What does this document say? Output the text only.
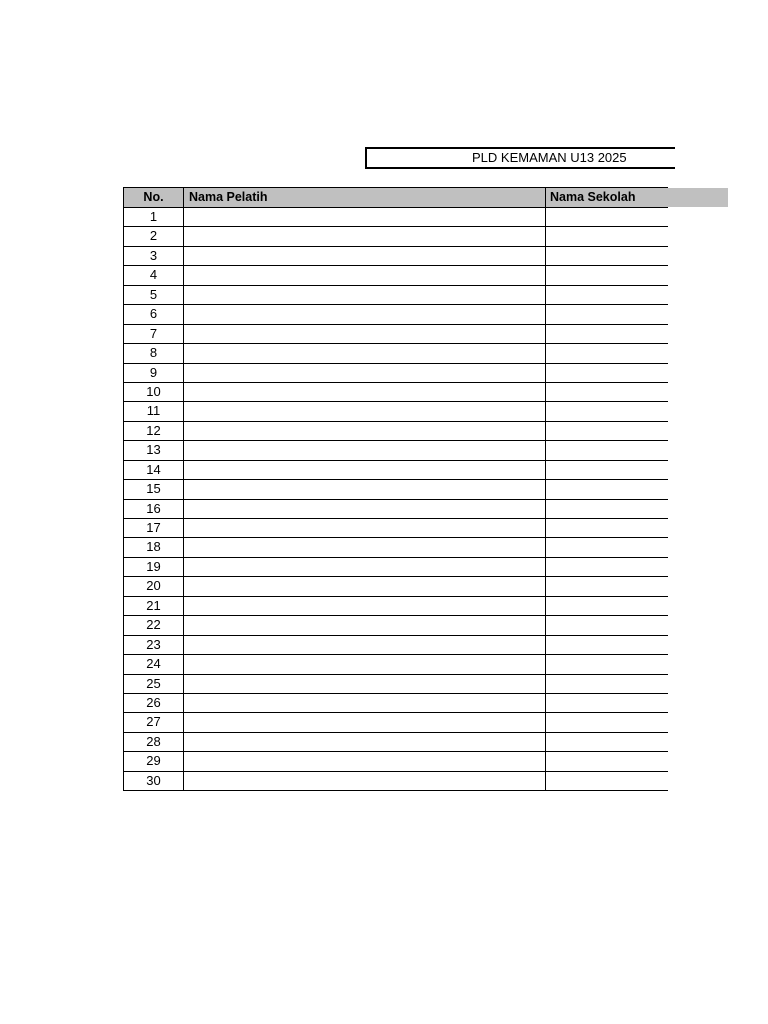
PLD KEMAMAN U13 2025
No.	Nama Pelatih	Nama Sekolah
1
2
3
4
5
6
7
8
9
10
11
12
13
14
15
16
17
18
19
20
21
22
23
24
25
26
27
28
29
30
